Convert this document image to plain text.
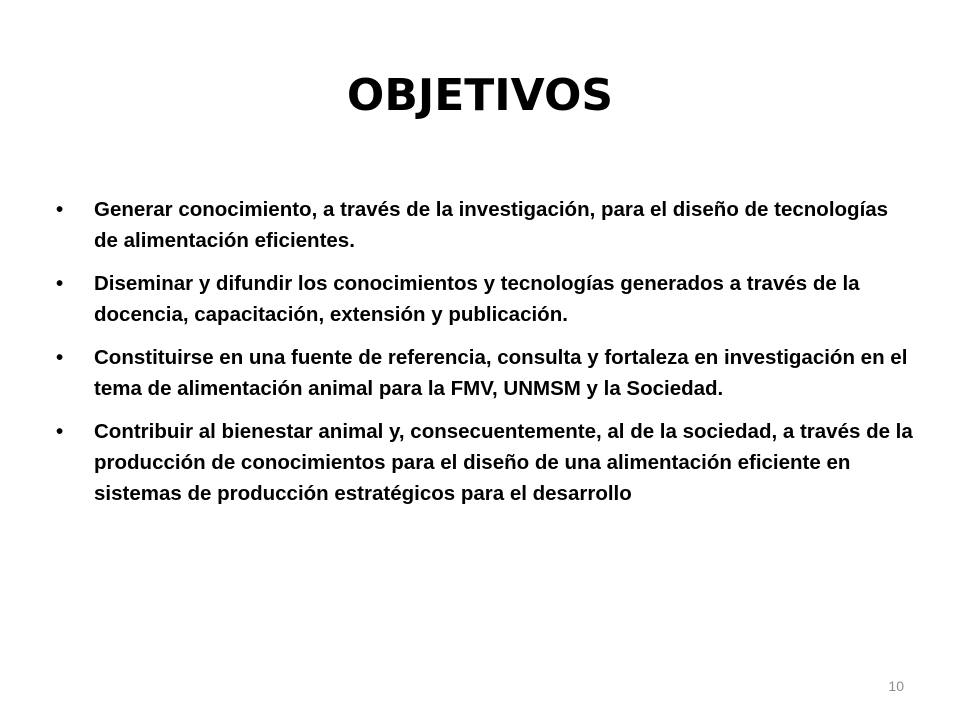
OBJETIVOS
•	Generar conocimiento, a través de la investigación, para el diseño de tecnologías de alimentación eficientes.
•	Diseminar y difundir los conocimientos y tecnologías generados a través de la docencia, capacitación, extensión y publicación.
•	Constituirse en una fuente de referencia, consulta y fortaleza en investigación en el tema de alimentación animal para la FMV, UNMSM y la Sociedad.
•	Contribuir al bienestar animal y, consecuentemente, al de la sociedad, a través de la producción de conocimientos para el diseño de una alimentación eficiente en sistemas de producción estratégicos para el desarrollo
10
